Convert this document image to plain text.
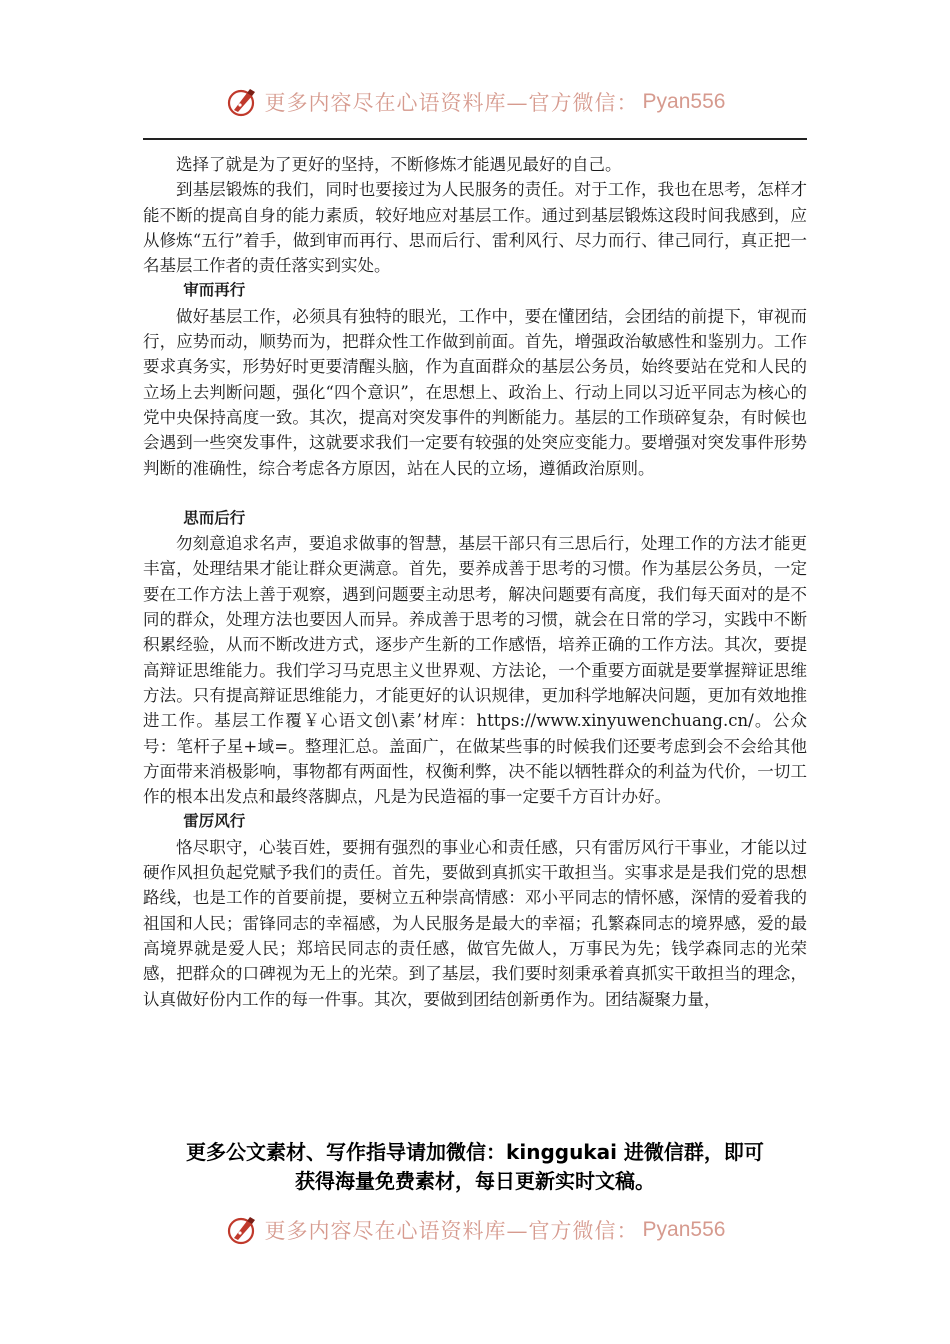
更多内容尽在心语资料库—官方微信： Pyan556

选择了就是为了更好的坚持，不断修炼才能遇见最好的自己。

到基层锻炼的我们，同时也要接过为人民服务的责任。对于工作，我也在思考，怎样才能不断的提高自身的能力素质，较好地应对基层工作。通过到基层锻炼这段时间我感到，应从修炼“五行”着手，做到审而再行、思而后行、雷利风行、尽力而行、律己同行，真正把一名基层工作者的责任落实到实处。

审而再行

做好基层工作，必须具有独特的眼光，工作中，要在懂团结，会团结的前提下，审视而行，应势而动，顺势而为，把群众性工作做到前面。首先，增强政治敏感性和鉴别力。工作要求真务实，形势好时更要清醒头脑，作为直面群众的基层公务员，始终要站在党和人民的立场上去判断问题，强化“四个意识”，在思想上、政治上、行动上同以习近平同志为核心的党中央保持高度一致。其次，提高对突发事件的判断能力。基层的工作琐碎复杂，有时候也会遇到一些突发事件，这就要求我们一定要有较强的处突应变能力。要增强对突发事件形势判断的准确性，综合考虑各方原因，站在人民的立场，遵循政治原则。

思而后行

勿刻意追求名声，要追求做事的智慧，基层干部只有三思后行，处理工作的方法才能更丰富，处理结果才能让群众更满意。首先，要养成善于思考的习惯。作为基层公务员，一定要在工作方法上善于观察，遇到问题要主动思考，解决问题要有高度，我们每天面对的是不同的群众，处理方法也要因人而异。养成善于思考的习惯，就会在日常的学习，实践中不断积累经验，从而不断改进方式，逐步产生新的工作感悟，培养正确的工作方法。其次，要提高辩证思维能力。我们学习马克思主义世界观、方法论，一个重要方面就是要掌握辩证思维方法。只有提高辩证思维能力，才能更好的认识规律，更加科学地解决问题，更加有效地推进工作。基层工作覆￥心语文创\素’材库：https://www.xinyuwenchuang.cn/。公众号：笔杆子星+域=。整理汇总。盖面广，在做某些事的时候我们还要考虑到会不会给其他方面带来消极影响，事物都有两面性，权衡利弊，决不能以牺牲群众的利益为代价，一切工作的根本出发点和最终落脚点，凡是为民造福的事一定要千方百计办好。

雷厉风行

恪尽职守，心装百姓，要拥有强烈的事业心和责任感，只有雷厉风行干事业，才能以过硬作风担负起党赋予我们的责任。首先，要做到真抓实干敢担当。实事求是是我们党的思想路线，也是工作的首要前提，要树立五种崇高情感：邓小平同志的情怀感，深情的爱着我的祖国和人民；雷锋同志的幸福感，为人民服务是最大的幸福；孔繁森同志的境界感，爱的最高境界就是爱人民；郑培民同志的责任感，做官先做人，万事民为先；钱学森同志的光荣感，把群众的口碑视为无上的光荣。到了基层，我们要时刻秉承着真抓实干敢担当的理念，认真做好份内工作的每一件事。其次，要做到团结创新勇作为。团结凝聚力量，

更多公文素材、写作指导请加微信：kinggukai 进微信群，即可
获得海量免费素材，每日更新实时文稿。
更多内容尽在心语资料库—官方微信： Pyan556
